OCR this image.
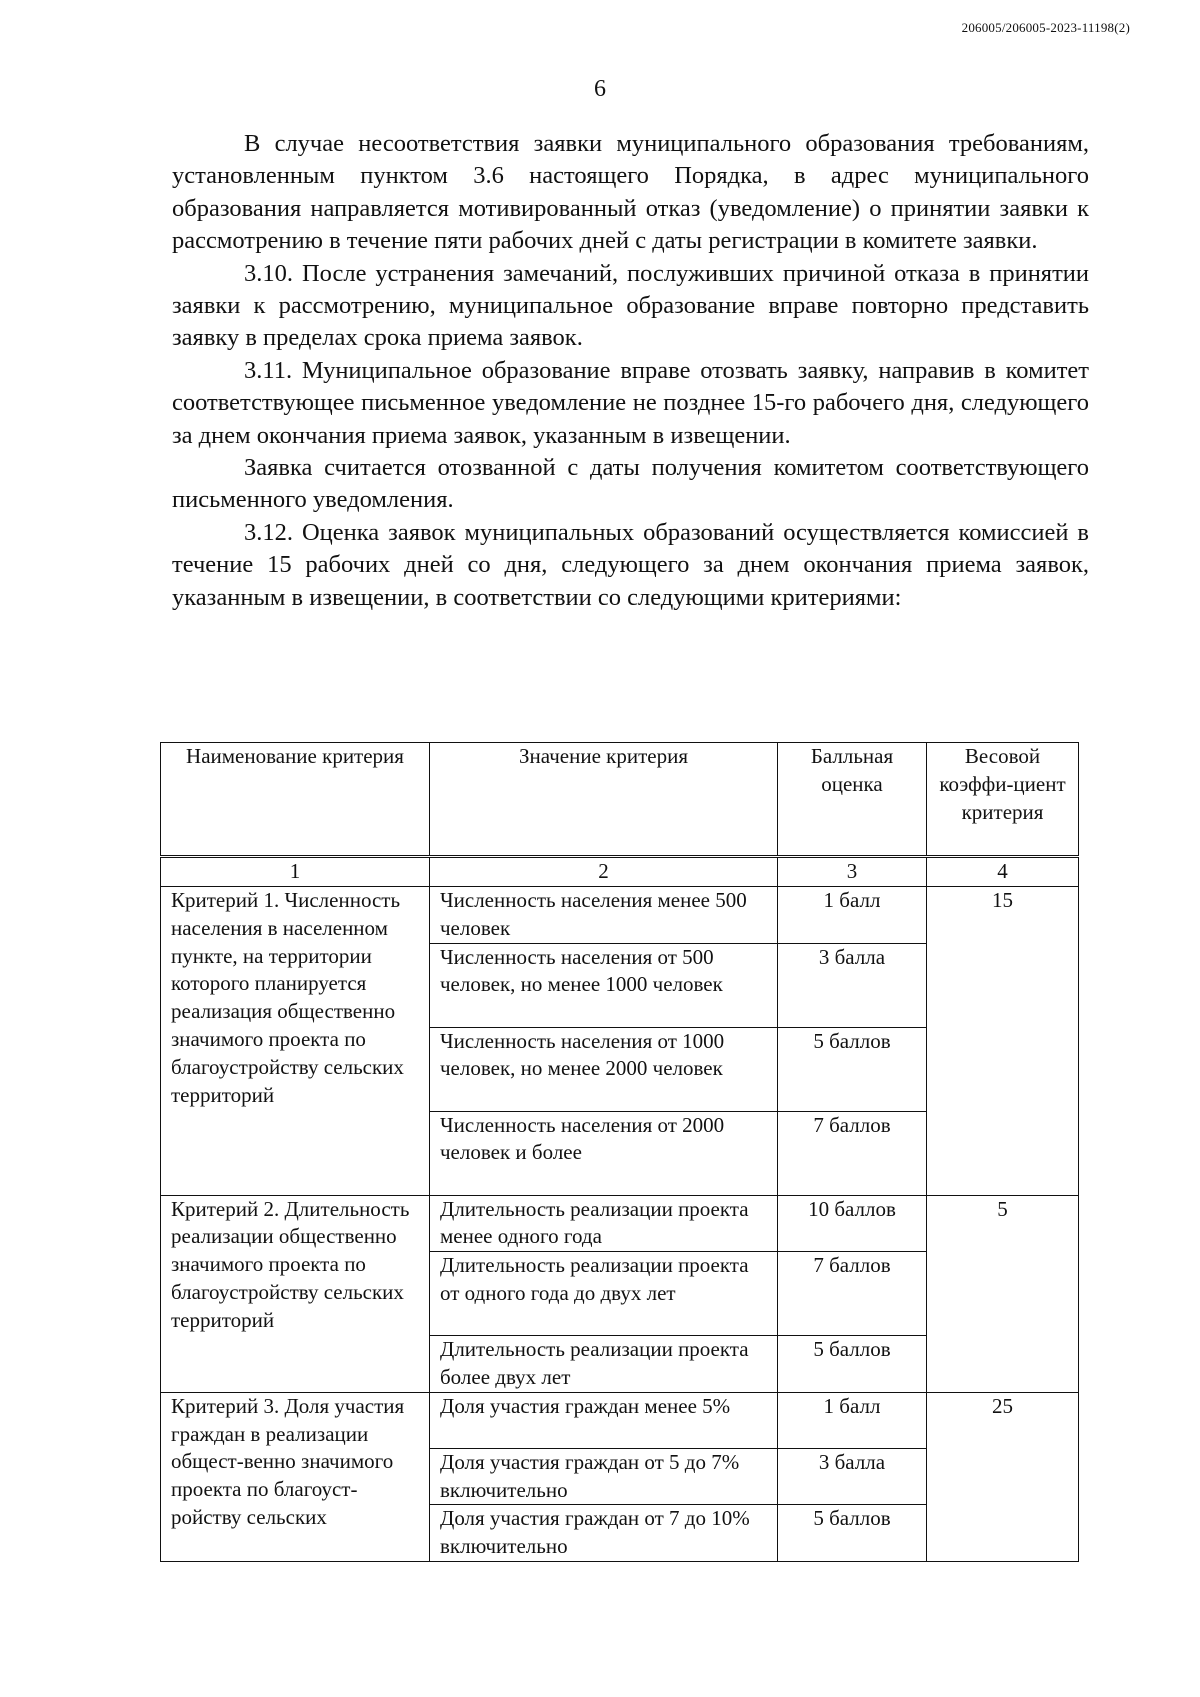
206005/206005-2023-11198(2)
6

В случае несоответствия заявки муниципального образования требованиям, установленным пунктом 3.6 настоящего Порядка, в адрес муниципального образования направляется мотивированный отказ (уведомление) о принятии заявки к рассмотрению в течение пяти рабочих дней с даты регистрации в комитете заявки.

3.10. После устранения замечаний, послуживших причиной отказа в принятии заявки к рассмотрению, муниципальное образование вправе повторно представить заявку в пределах срока приема заявок.

3.11. Муниципальное образование вправе отозвать заявку, направив в комитет соответствующее письменное уведомление не позднее 15-го рабочего дня, следующего за днем окончания приема заявок, указанным в извещении.

Заявка считается отозванной с даты получения комитетом соответствующего письменного уведомления.

3.12. Оценка заявок муниципальных образований осуществляется комиссией в течение 15 рабочих дней со дня, следующего за днем окончания приема заявок, указанным в извещении, в соответствии со следующими критериями:

Наименование критерия	Значение критерия	Балльная оценка	Весовой коэффи-циент критерия
1	2	3	4
Критерий 1. Численность населения в населенном пункте, на территории которого планируется реализация общественно значимого проекта по благоустройству сельских территорий	Численность населения менее 500 человек	1 балл	15
	Численность населения от 500 человек, но менее 1000 человек	3 балла	
	Численность населения от 1000 человек, но менее 2000 человек	5 баллов	
	Численность населения от 2000 человек и более	7 баллов	
Критерий 2. Длительность реализации общественно значимого проекта по благоустройству сельских территорий	Длительность реализации проекта менее одного года	10 баллов	5
	Длительность реализации проекта от одного года до двух лет	7 баллов	
	Длительность реализации проекта более двух лет	5 баллов	
Критерий 3. Доля участия граждан в реализации общест-венно значимого проекта по благоуст-ройству сельских	Доля участия граждан менее 5%	1 балл	25
	Доля участия граждан от 5 до 7% включительно	3 балла	
	Доля участия граждан от 7 до 10% включительно	5 баллов	
